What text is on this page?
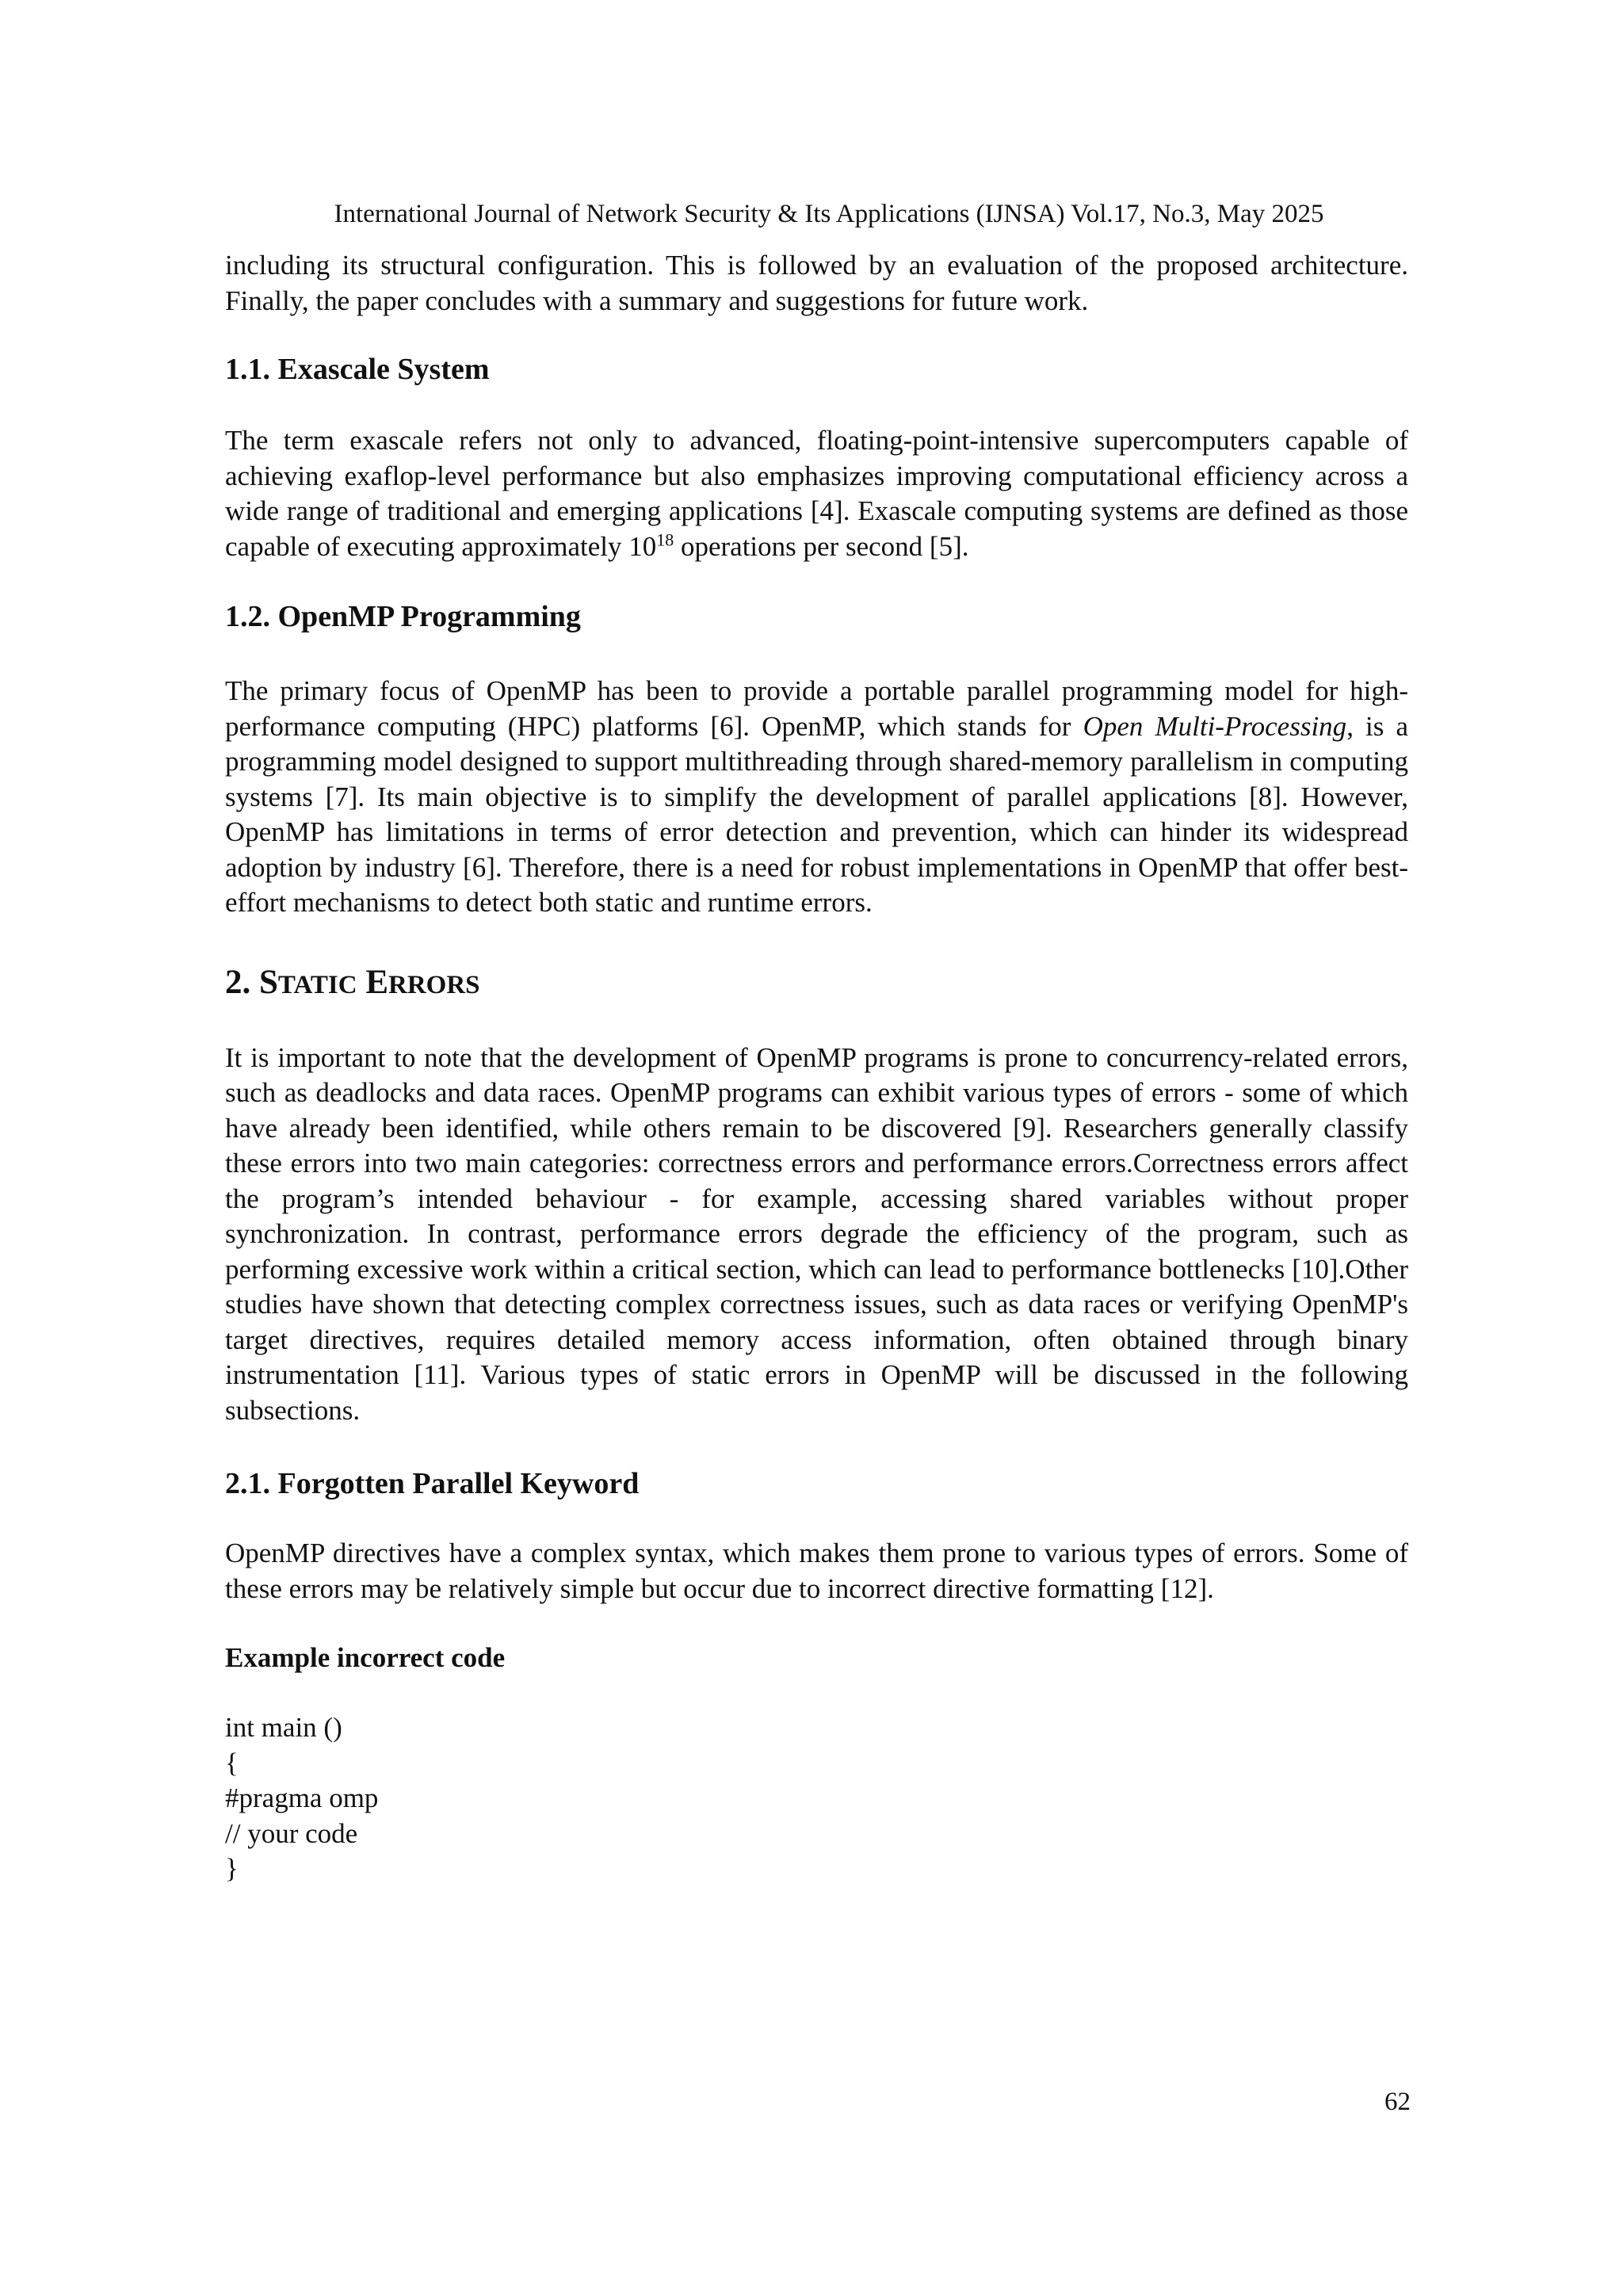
International Journal of Network Security & Its Applications (IJNSA) Vol.17, No.3, May 2025

including its structural configuration. This is followed by an evaluation of the proposed architecture. Finally, the paper concludes with a summary and suggestions for future work.

1.1. Exascale System

The term exascale refers not only to advanced, floating-point-intensive supercomputers capable of achieving exaflop-level performance but also emphasizes improving computational efficiency across a wide range of traditional and emerging applications [4]. Exascale computing systems are defined as those capable of executing approximately $10^{18}$ operations per second [5].

1.2. OpenMP Programming

The primary focus of OpenMP has been to provide a portable parallel programming model for high-performance computing (HPC) platforms [6]. OpenMP, which stands for Open Multi-Processing, is a programming model designed to support multithreading through shared-memory parallelism in computing systems [7]. Its main objective is to simplify the development of parallel applications [8]. However, OpenMP has limitations in terms of error detection and prevention, which can hinder its widespread adoption by industry [6]. Therefore, there is a need for robust implementations in OpenMP that offer best-effort mechanisms to detect both static and runtime errors.

2. STATIC ERRORS

It is important to note that the development of OpenMP programs is prone to concurrency-related errors, such as deadlocks and data races. OpenMP programs can exhibit various types of errors - some of which have already been identified, while others remain to be discovered [9]. Researchers generally classify these errors into two main categories: correctness errors and performance errors.Correctness errors affect the program’s intended behaviour - for example, accessing shared variables without proper synchronization. In contrast, performance errors degrade the efficiency of the program, such as performing excessive work within a critical section, which can lead to performance bottlenecks [10].Other studies have shown that detecting complex correctness issues, such as data races or verifying OpenMP's target directives, requires detailed memory access information, often obtained through binary instrumentation [11]. Various types of static errors in OpenMP will be discussed in the following subsections.

2.1. Forgotten Parallel Keyword

OpenMP directives have a complex syntax, which makes them prone to various types of errors. Some of these errors may be relatively simple but occur due to incorrect directive formatting [12].

Example incorrect code

int main ()

{

#pragma omp

// your code

}

62
